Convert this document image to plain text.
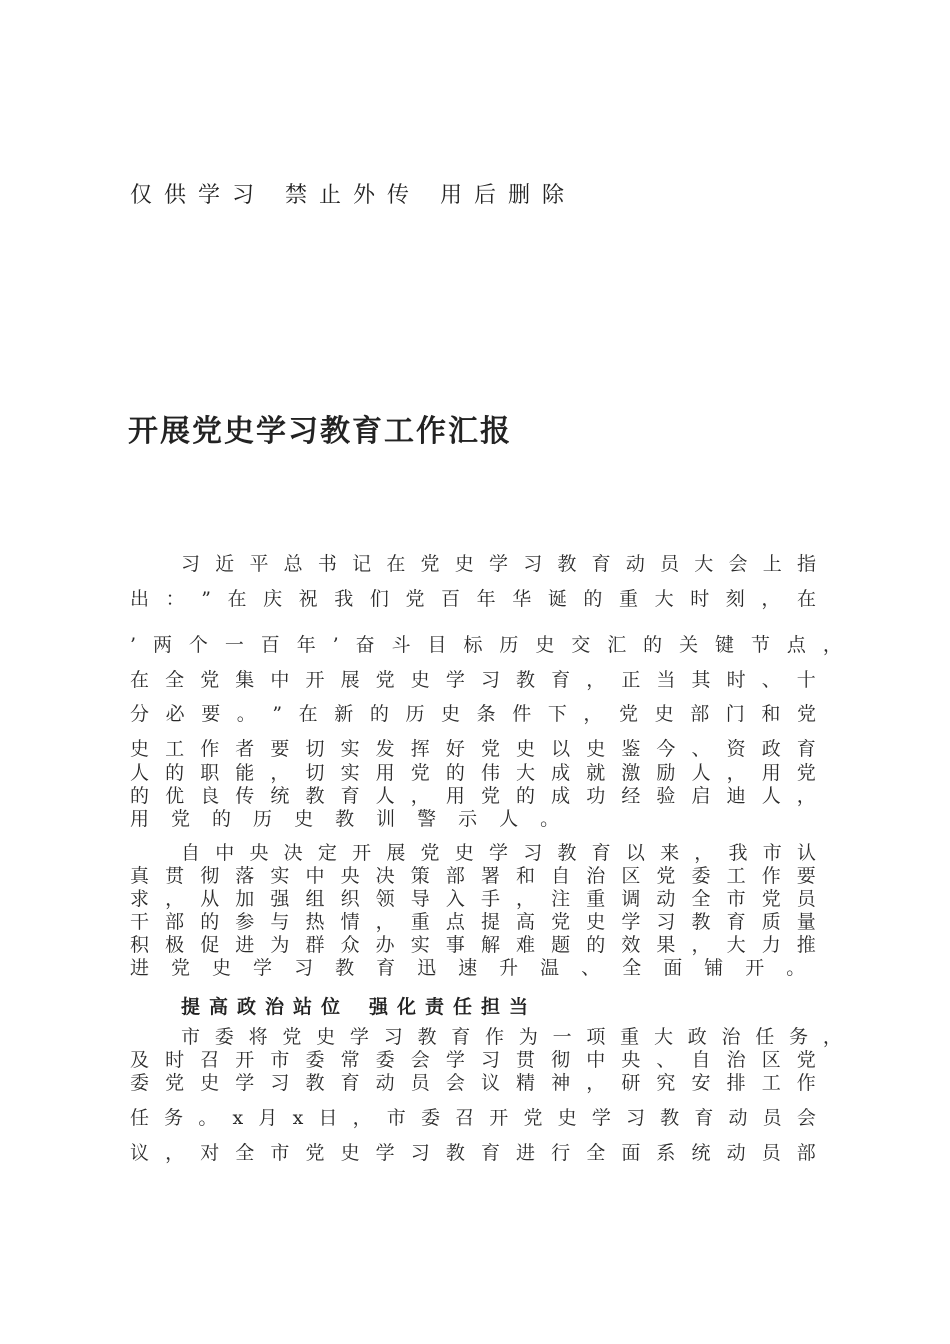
仅供学习 禁止外传 用后删除
开展党史学习教育工作汇报
习 近 平 总 书 记 在 党 史 学 习 教 育 动 员 大 会 上 指
出 ： ” 在 庆 祝 我 们 党 百 年 华 诞 的 重 大 时 刻 ， 在
’ 两 个 一 百 年 ’ 奋 斗 目 标 历 史 交 汇 的 关 键 节 点 ，
在 全 党 集 中 开 展 党 史 学 习 教 育 ， 正 当 其 时 、 十
分 必 要 。 ” 在 新 的 历 史 条 件 下 ， 党 史 部 门 和 党
史 工 作 者 要 切 实 发 挥 好 党 史 以 史 鉴 今 、 资 政 育
人 的 职 能 ， 切 实 用 党 的 伟 大 成 就 激 励 人 ， 用 党
的 优 良 传 统 教 育 人 ， 用 党 的 成 功 经 验 启 迪 人 ，
用 党 的 历 史 教 训 警 示 人 。
自 中 央 决 定 开 展 党 史 学 习 教 育 以 来 ， 我 市 认
真 贯 彻 落 实 中 央 决 策 部 署 和 自 治 区 党 委 工 作 要
求 ， 从 加 强 组 织 领 导 入 手 ， 注 重 调 动 全 市 党 员
干 部 的 参 与 热 情 ， 重 点 提 高 党 史 学 习 教 育 质 量
积 极 促 进 为 群 众 办 实 事 解 难 题 的 效 果 ， 大 力 推
进 党 史 学 习 教 育 迅 速 升 温 、 全 面 铺 开 。
提高政治站位 强化责任担当
市 委 将 党 史 学 习 教 育 作 为 一 项 重 大 政 治 任 务 ，
及 时 召 开 市 委 常 委 会 学 习 贯 彻 中 央 、 自 治 区 党
委 党 史 学 习 教 育 动 员 会 议 精 神 ， 研 究 安 排 工 作
任 务 。 x 月 x 日 ， 市 委 召 开 党 史 学 习 教 育 动 员 会
议 ， 对 全 市 党 史 学 习 教 育 进 行 全 面 系 统 动 员 部
